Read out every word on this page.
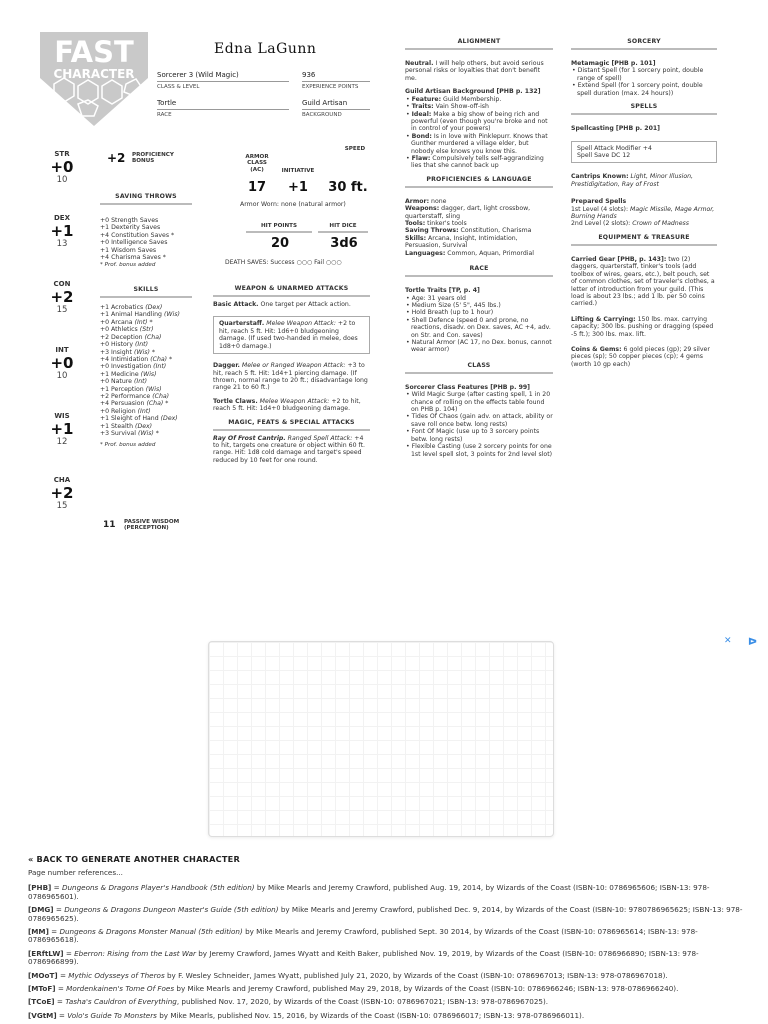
FAST
CHARACTER
Edna LaGunn
Sorcerer 3 (Wild Magic)
CLASS & LEVEL
936
EXPERIENCE POINTS
Tortle
RACE
Guild Artisan
BACKGROUND
STR
+0
10
DEX
+1
13
CON
+2
15
INT
+0
10
WIS
+1
12
CHA
+2
15
+2 PROFICIENCY BONUS
SAVING THROWS
+0 Strength Saves
+1 Dexterity Saves
+4 Constitution Saves *
+0 Intelligence Saves
+1 Wisdom Saves
+4 Charisma Saves *
* Prof. bonus added
SKILLS
+1 Acrobatics (Dex)
+1 Animal Handling (Wis)
+0 Arcana (Int) *
+0 Athletics (Str)
+2 Deception (Cha)
+0 History (Int)
+3 Insight (Wis) *
+4 Intimidation (Cha) *
+0 Investigation (Int)
+1 Medicine (Wis)
+0 Nature (Int)
+1 Perception (Wis)
+2 Performance (Cha)
+4 Persuasion (Cha) *
+0 Religion (Int)
+1 Sleight of Hand (Dex)
+1 Stealth (Dex)
+3 Survival (Wis) *
* Prof. bonus added
11 PASSIVE WISDOM (PERCEPTION)
ARMOR CLASS (AC)	INITIATIVE
SPEED
17	+1	30 ft.
Armor Worn: none (natural armor)
HIT POINTS	HIT DICE
20	3d6
DEATH SAVES: Success ○○○ Fail ○○○
WEAPON & UNARMED ATTACKS
Basic Attack. One target per Attack action.
Quarterstaff. Melee Weapon Attack: +2 to hit, reach 5 ft. Hit: 1d6+0 bludgeoning damage. (If used two-handed in melee, does 1d8+0 damage.)
Dagger. Melee or Ranged Weapon Attack: +3 to hit, reach 5 ft. Hit: 1d4+1 piercing damage. (If thrown, normal range to 20 ft.; disadvantage long range 21 to 60 ft.)
Tortle Claws. Melee Weapon Attack: +2 to hit, reach 5 ft. Hit: 1d4+0 bludgeoning damage.
MAGIC, FEATS & SPECIAL ATTACKS
Ray Of Frost Cantrip. Ranged Spell Attack: +4 to hit, targets one creature or object within 60 ft. range. Hit: 1d8 cold damage and target's speed reduced by 10 feet for one round.
ALIGNMENT
Neutral. I will help others, but avoid serious personal risks or loyalties that don't benefit me.
Guild Artisan Background [PHB p. 132]
• Feature: Guild Membership.
• Traits: Vain Show-off-ish
• Ideal: Make a big show of being rich and powerful (even though you're broke and not in control of your powers)
• Bond: Is in love with Pinklepurr. Knows that Gunther murdered a village elder, but nobody else knows you know this.
• Flaw: Compulsively tells self-aggrandizing lies that she cannot back up
PROFICIENCIES & LANGUAGE
Armor: none
Weapons: dagger, dart, light crossbow, quarterstaff, sling
Tools: tinker's tools
Saving Throws: Constitution, Charisma
Skills: Arcana, Insight, Intimidation, Persuasion, Survival
Languages: Common, Aquan, Primordial
RACE
Tortle Traits [TP, p. 4]
• Age: 31 years old
• Medium Size (5' 5", 445 lbs.)
• Hold Breath (up to 1 hour)
• Shell Defence (speed 0 and prone, no reactions, disadv. on Dex. saves, AC +4, adv. on Str. and Con. saves)
• Natural Armor (AC 17, no Dex. bonus, cannot wear armor)
CLASS
Sorcerer Class Features [PHB p. 99]
• Wild Magic Surge (after casting spell, 1 in 20 chance of rolling on the effects table found on PHB p. 104)
• Tides Of Chaos (gain adv. on attack, ability or save roll once betw. long rests)
• Font Of Magic (use up to 3 sorcery points betw. long rests)
• Flexible Casting (use 2 sorcery points for one 1st level spell slot, 3 points for 2nd level slot)
SORCERY
Metamagic [PHB p. 101]
• Distant Spell (for 1 sorcery point, double range of spell)
• Extend Spell (for 1 sorcery point, double spell duration (max. 24 hours))
SPELLS
Spellcasting [PHB p. 201]
Spell Attack Modifier +4
Spell Save DC 12
Cantrips Known: Light, Minor Illusion, Prestidigitation, Ray of Frost
Prepared Spells
1st Level (4 slots): Magic Missile, Mage Armor, Burning Hands
2nd Level (2 slots): Crown of Madness
EQUIPMENT & TREASURE
Carried Gear [PHB, p. 143]: two (2) daggers, quarterstaff, tinker's tools (add toolbox of wires, gears, etc.), belt pouch, set of common clothes, set of traveler's clothes, a letter of introduction from your guild. (This load is about 23 lbs.; add 1 lb. per 50 coins carried.)
Lifting & Carrying: 150 lbs. max. carrying capacity; 300 lbs. pushing or dragging (speed -5 ft.); 300 lbs. max. lift.
Coins & Gems: 6 gold pieces (gp); 29 silver pieces (sp); 50 copper pieces (cp); 4 gems (worth 10 gp each)
✕ ᐅ
« BACK TO GENERATE ANOTHER CHARACTER

Page number references...

[PHB] = Dungeons & Dragons Player's Handbook (5th edition) by Mike Mearls and Jeremy Crawford, published Aug. 19, 2014, by Wizards of the Coast (ISBN-10: 0786965606; ISBN-13: 978-0786965601).

[DMG] = Dungeons & Dragons Dungeon Master's Guide (5th edition) by Mike Mearls and Jeremy Crawford, published Dec. 9, 2014, by Wizards of the Coast (ISBN-10: 9780786965625; ISBN-13: 978-0786965625).

[MM] = Dungeons & Dragons Monster Manual (5th edition) by Mike Mearls and Jeremy Crawford, published Sept. 30 2014, by Wizards of the Coast (ISBN-10: 0786965614; ISBN-13: 978-0786965618).

[ERftLW] = Eberron: Rising from the Last War by Jeremy Crawford, James Wyatt and Keith Baker, published Nov. 19, 2019, by Wizards of the Coast (ISBN-10: 0786966890; ISBN-13: 978-0786966899).

[MOoT] = Mythic Odysseys of Theros by F. Wesley Schneider, James Wyatt, published July 21, 2020, by Wizards of the Coast (ISBN-10: 0786967013; ISBN-13: 978-0786967018).

[MToF] = Mordenkainen's Tome Of Foes by Mike Mearls and Jeremy Crawford, published May 29, 2018, by Wizards of the Coast (ISBN-10: 0786966246; ISBN-13: 978-0786966240).

[TCoE] = Tasha's Cauldron of Everything, published Nov. 17, 2020, by Wizards of the Coast (ISBN-10: 0786967021; ISBN-13: 978-0786967025).

[VGtM] = Volo's Guide To Monsters by Mike Mearls, published Nov. 15, 2016, by Wizards of the Coast (ISBN-10: 0786966017; ISBN-13: 978-0786966011).
